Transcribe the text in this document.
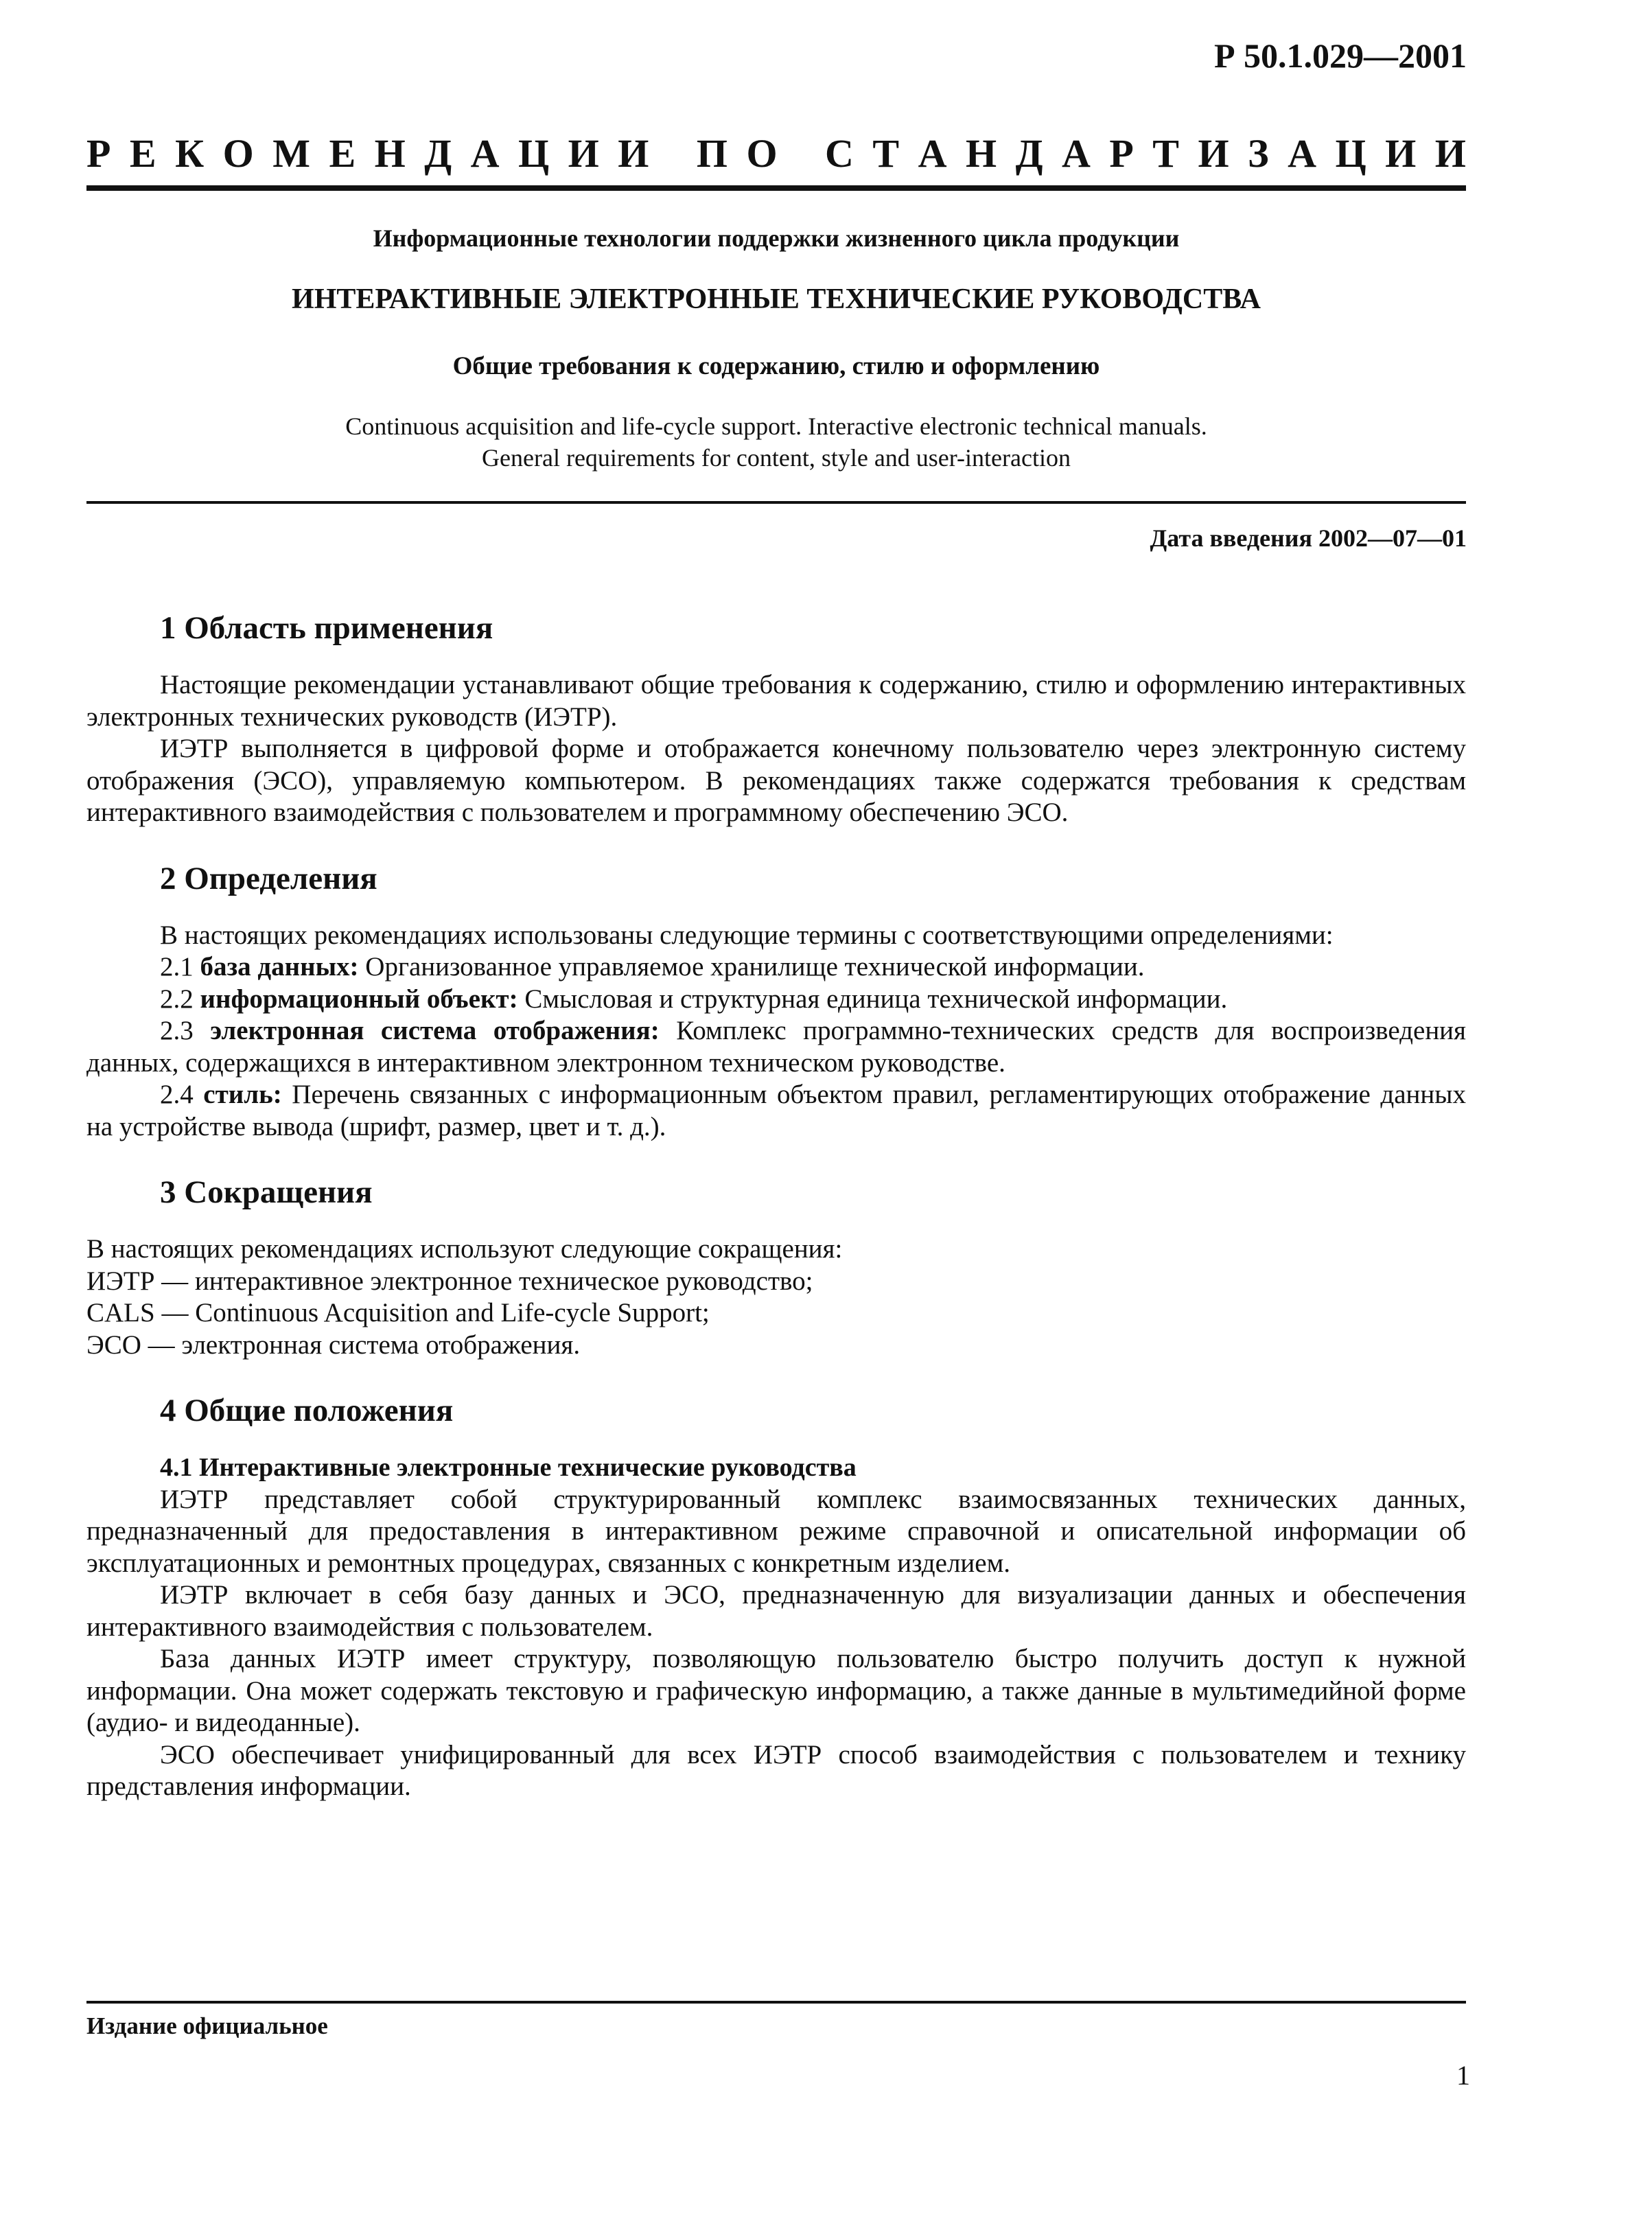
Р 50.1.029—2001
Р Е К О М Е Н Д А Ц И И
П О
С Т А Н Д А Р Т И З А Ц И И
Информационные технологии поддержки жизненного цикла продукции
ИНТЕРАКТИВНЫЕ ЭЛЕКТРОННЫЕ ТЕХНИЧЕСКИЕ РУКОВОДСТВА
Общие требования к содержанию, стилю и оформлению
Continuous acquisition and life-cycle support. Interactive electronic technical manuals.
General requirements for content, style and user-interaction
Дата введения 2002—07—01
1 Область применения

Настоящие рекомендации устанавливают общие требования к содержанию, стилю и оформлению интерактивных электронных технических руководств (ИЭТР).

ИЭТР выполняется в цифровой форме и отображается конечному пользователю через электронную систему отображения (ЭСО), управляемую компьютером. В рекомендациях также содержатся требования к средствам интерактивного взаимодействия с пользователем и программному обеспечению ЭСО.

2 Определения

В настоящих рекомендациях использованы следующие термины с соответствующими определениями:

2.1 база данных: Организованное управляемое хранилище технической информации.

2.2 информационный объект: Смысловая и структурная единица технической информации.

2.3 электронная система отображения: Комплекс программно-технических средств для воспроизведения данных, содержащихся в интерактивном электронном техническом руководстве.

2.4 стиль: Перечень связанных с информационным объектом правил, регламентирующих отображение данных на устройстве вывода (шрифт, размер, цвет и т. д.).

3 Сокращения

В настоящих рекомендациях используют следующие сокращения:

ИЭТР — интерактивное электронное техническое руководство;

CALS — Continuous Acquisition and Life-cycle Support;

ЭСО — электронная система отображения.

4 Общие положения

4.1 Интерактивные электронные технические руководства

ИЭТР представляет собой структурированный комплекс взаимосвязанных технических данных, предназначенный для предоставления в интерактивном режиме справочной и описательной информации об эксплуатационных и ремонтных процедурах, связанных с конкретным изделием.

ИЭТР включает в себя базу данных и ЭСО, предназначенную для визуализации данных и обеспечения интерактивного взаимодействия с пользователем.

База данных ИЭТР имеет структуру, позволяющую пользователю быстро получить доступ к нужной информации. Она может содержать текстовую и графическую информацию, а также данные в мультимедийной форме (аудио- и видеоданные).

ЭСО обеспечивает унифицированный для всех ИЭТР способ взаимодействия с пользователем и технику представления информации.

Издание официальное
1
